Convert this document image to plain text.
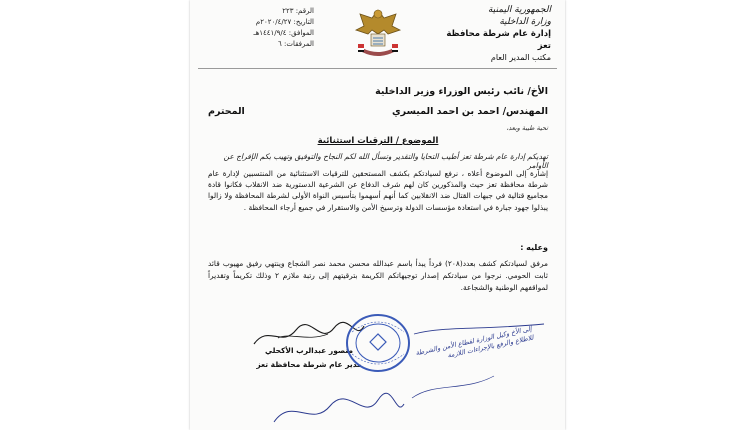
الرقم: ٢٢٣
التاريخ: ٢٠٢٠/٤/٢٧م
الموافق: ١٤٤١/٩/٤هـ
المرفقات: ٦
الجمهورية اليمنية
وزارة الداخلية
إدارة عام شرطة محافظة تعز
مكتب المدير العام
الأخ/ نائب رئيس الوزراء وزير الداخلية
المهندس/ احمد بن احمد الميسري
المحترم
تحية طيبة وبعد،
الموضوع / الترقيات استثنائية
تهديكم إدارة عام شرطة تعز أطيب التحايا والتقدير وتسأل الله لكم النجاح والتوفيق وتهيب بكم الإفراج عن الأوامر
إشارة إلى الموضوع أعلاه ، نرفع لسيادتكم بكشف المستحقين للترقيات الاستثنائية من المنتسبين لإدارة عام شرطة محافظة تعز حيث والمذكورين كان لهم شرف الدفاع عن الشرعية الدستورية ضد الانقلاب فكانوا قادة مجاميع قتالية في جبهات القتال ضد الانقلابين كما أنهم أسهموا بتأسيس النواة الأولى لشرطة المحافظة ولا زالوا يبذلوا جهود جبارة في استعادة مؤسسات الدولة وترسيخ الأمن والاستقرار في جميع أرجاء المحافظة .
وعليه :
مرفق لسيادتكم كشف بعدد(٢٠٨) فرداً يبدأ باسم عبدالله محسن محمد نصر الشجاع وينتهي رفيق مهيوب قائد ثابت الحومي. نرجوا من سيادتكم إصدار توجيهاتكم الكريمة بترقيتهم إلى رتبة ملازم ٢ وذلك تكريماً وتقديراً لمواقفهم الوطنية والشجاعة.
منصور عبدالرب الأكحلي
مدير عام شرطة محافظة تعز
إلى الأخ وكيل الوزارة لقطاع الأمن والشرطة للاطلاع والرفع بالإجراءات اللازمة
